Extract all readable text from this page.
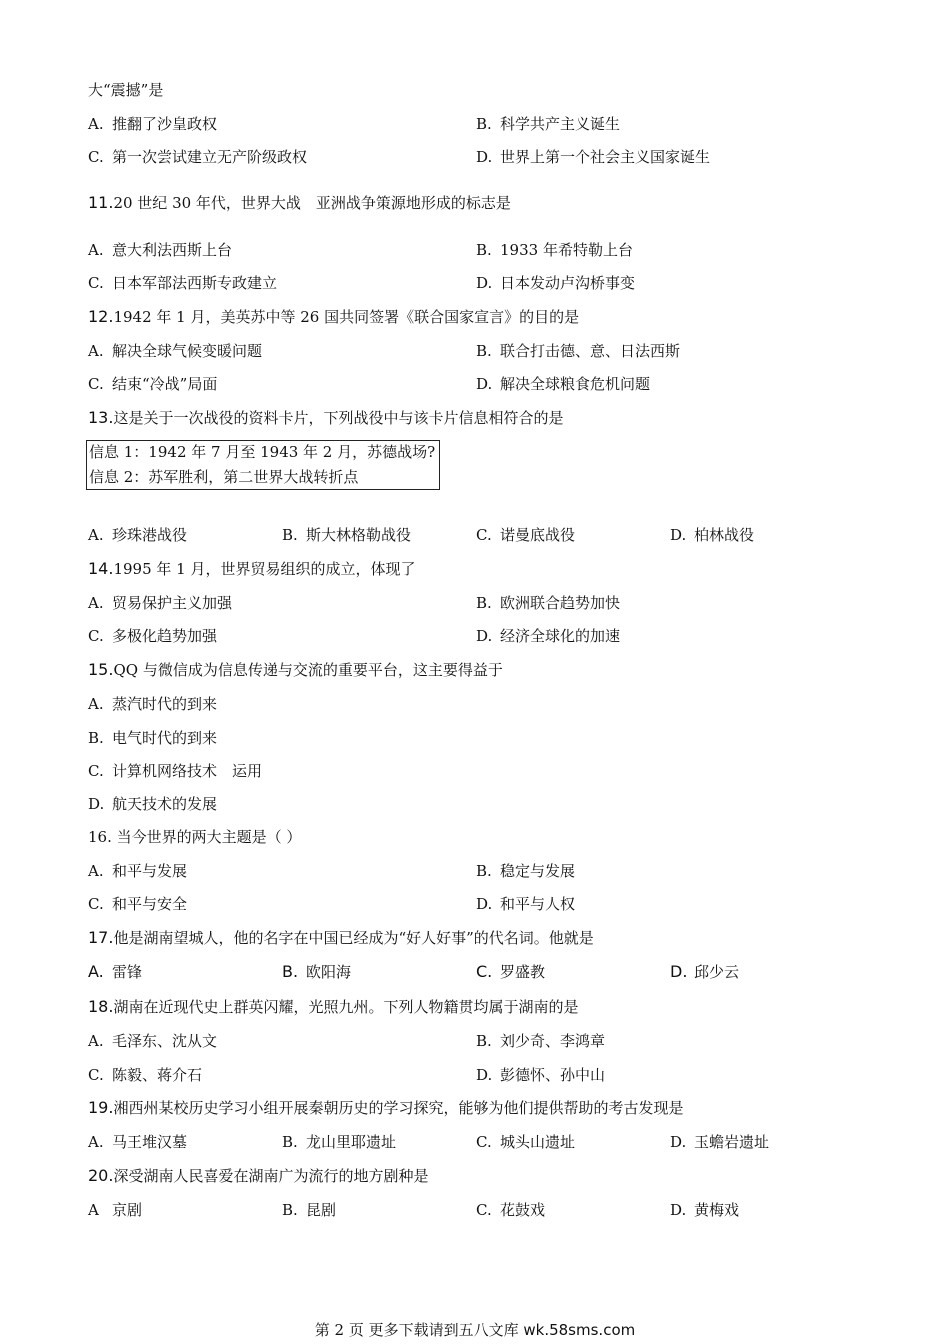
大“震撼”是
A. 推翻了沙皇政权	B. 科学共产主义诞生
C. 第一次尝试建立无产阶级政权	D. 世界上第一个社会主义国家诞生
11.20 世纪 30 年代，世界大战　亚洲战争策源地形成的标志是
A. 意大利法西斯上台	B. 1933 年希特勒上台
C. 日本军部法西斯专政建立	D. 日本发动卢沟桥事变
12.1942 年 1 月，美英苏中等 26 国共同签署《联合国家宣言》的目的是
A. 解决全球气候变暖问题	B. 联合打击德、意、日法西斯
C. 结束“冷战”局面	D. 解决全球粮食危机问题
13.这是关于一次战役的资料卡片，下列战役中与该卡片信息相符合的是
信息 1：1942 年 7 月至 1943 年 2 月，苏德战场?
信息 2：苏军胜利，第二世界大战转折点
A. 珍珠港战役	B. 斯大林格勒战役	C. 诺曼底战役	D. 柏林战役
14.1995 年 1 月，世界贸易组织的成立，体现了
A. 贸易保护主义加强	B. 欧洲联合趋势加快
C. 多极化趋势加强	D. 经济全球化的加速
15.QQ 与微信成为信息传递与交流的重要平台，这主要得益于
A. 蒸汽时代的到来
B. 电气时代的到来
C. 计算机网络技术　运用
D. 航天技术的发展
16. 当今世界的两大主题是（ ）
A. 和平与发展	B. 稳定与发展
C. 和平与安全	D. 和平与人权
17.他是湖南望城人，他的名字在中国已经成为“好人好事”的代名词。他就是
A. 雷锋	B. 欧阳海	C. 罗盛教	D. 邱少云
18.湖南在近现代史上群英闪耀，光照九州。下列人物籍贯均属于湖南的是
A. 毛泽东、沈从文	B. 刘少奇、李鸿章
C. 陈毅、蒋介石	D. 彭德怀、孙中山
19.湘西州某校历史学习小组开展秦朝历史的学习探究，能够为他们提供帮助的考古发现是
A. 马王堆汉墓	B. 龙山里耶遗址	C. 城头山遗址	D. 玉蟾岩遗址
20.深受湖南人民喜爱在湖南广为流行的地方剧种是
A 京剧	B. 昆剧	C. 花鼓戏	D. 黄梅戏
第 2 页 更多下载请到五八文库 wk.58sms.com
